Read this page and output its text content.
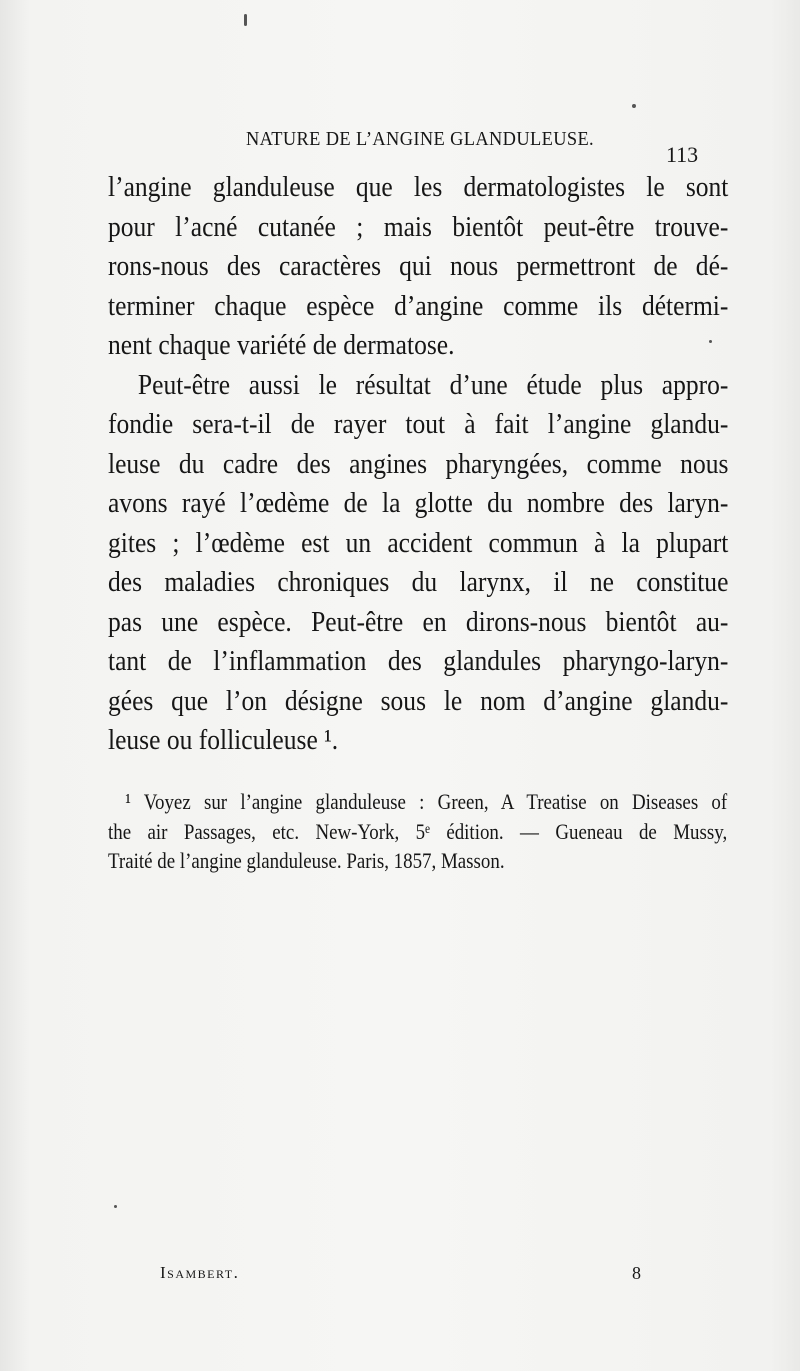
NATURE DE L’ANGINE GLANDULEUSE.
113
l’angine glanduleuse que les dermatologistes le sont
pour l’acné cutanée ; mais bientôt peut-être trouve-
rons-nous des caractères qui nous permettront de dé-
terminer chaque espèce d’angine comme ils détermi-
nent chaque variété de dermatose.
Peut-être aussi le résultat d’une étude plus appro-
fondie sera-t-il de rayer tout à fait l’angine glandu-
leuse du cadre des angines pharyngées, comme nous
avons rayé l’œdème de la glotte du nombre des laryn-
gites ; l’œdème est un accident commun à la plupart
des maladies chroniques du larynx, il ne constitue
pas une espèce. Peut-être en dirons-nous bientôt au-
tant de l’inflammation des glandules pharyngo-laryn-
gées que l’on désigne sous le nom d’angine glandu-
leuse ou folliculeuse ¹.
¹ Voyez sur l’angine glanduleuse : Green, A Treatise on Diseases of
the air Passages, etc. New-York, 5ᵉ édition. — Gueneau de Mussy,
Traité de l’angine glanduleuse. Paris, 1857, Masson.
Isambert.	8
